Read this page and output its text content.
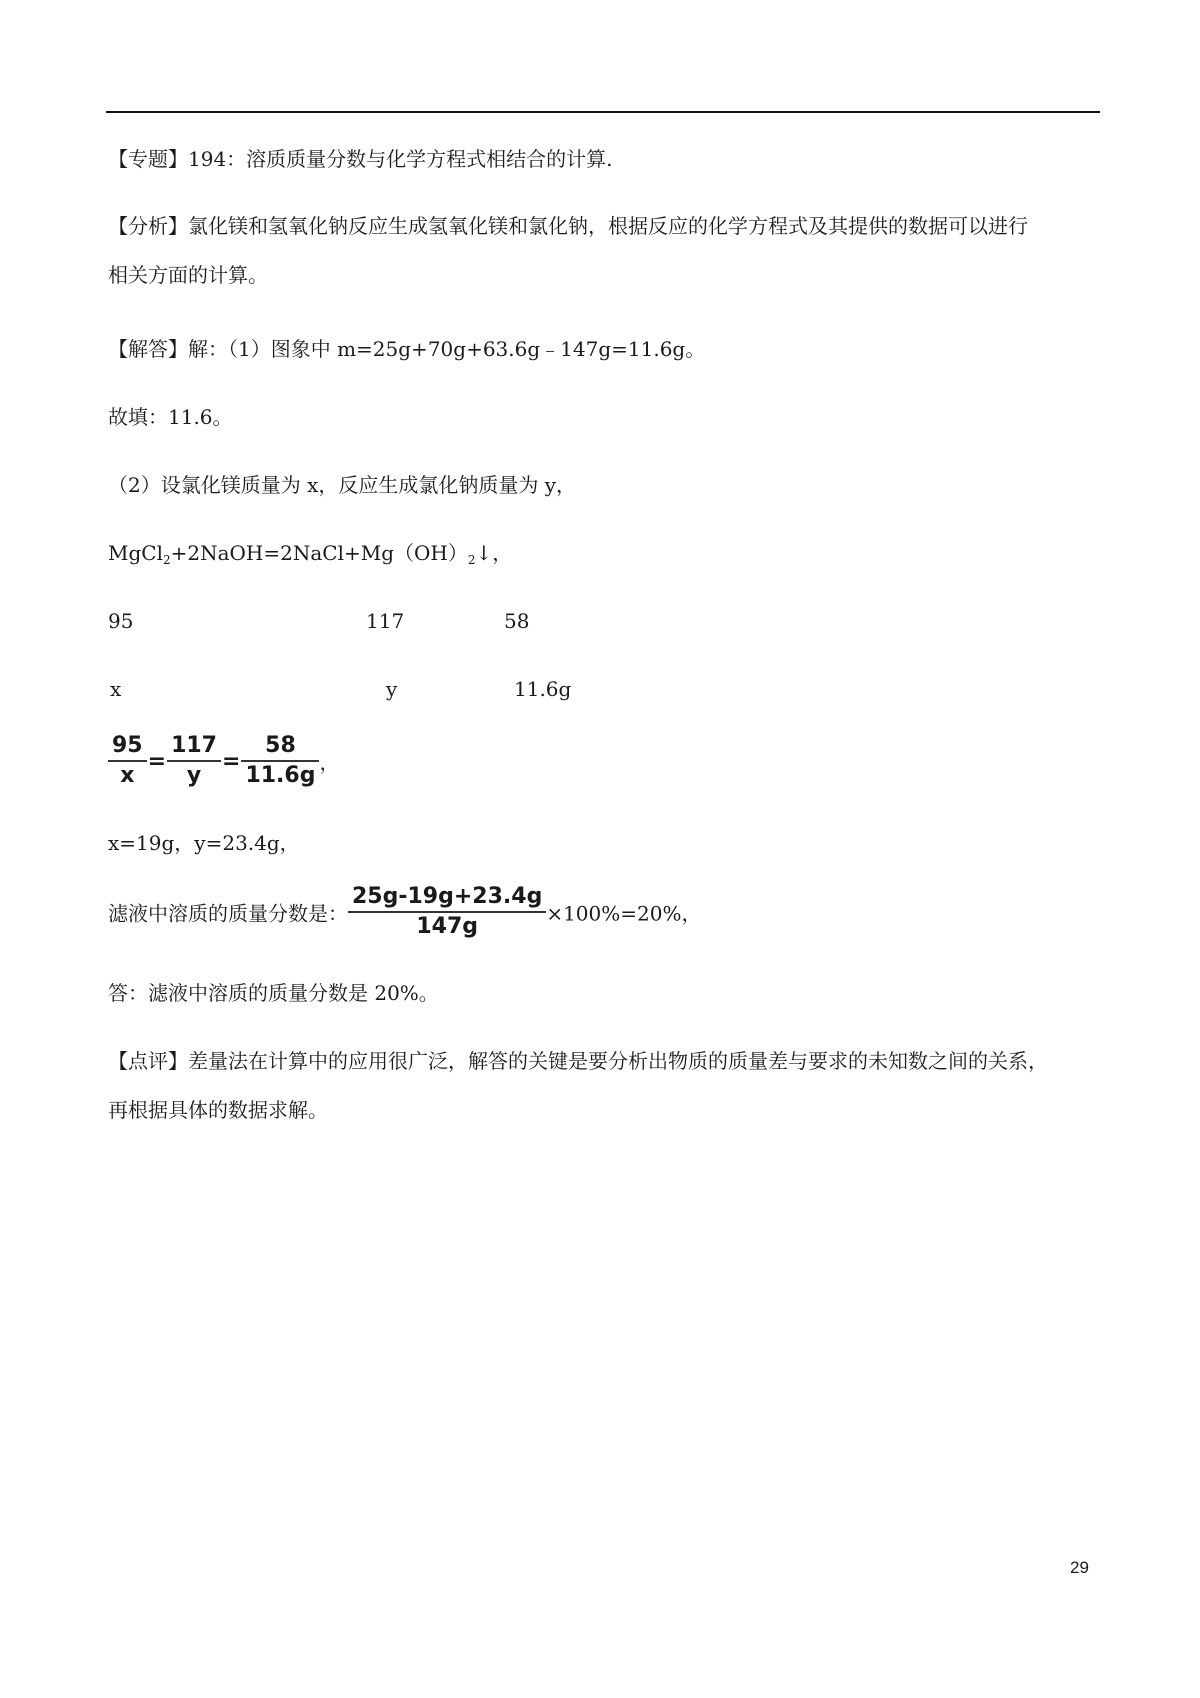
【专题】194：溶质质量分数与化学方程式相结合的计算.
【分析】氯化镁和氢氧化钠反应生成氢氧化镁和氯化钠，根据反应的化学方程式及其提供的数据可以进行
相关方面的计算。
【解答】解：（1）图象中 m=25g+70g+63.6g﹣147g=11.6g。
故填：11.6。
（2）设氯化镁质量为 x，反应生成氯化钠质量为 y，
$MgCl_2+2NaOH=2NaCl+Mg(OH)_2↓$，
95	117	58
x	y	11.6g
$\frac{95}{x} = \frac{117}{y} = \frac{58}{11.6g}$ ，
x=19g，y=23.4g，
滤液中溶质的质量分数是： $\frac{25g-19g+23.4g}{147g} \times 100\%=20\%$，
答：滤液中溶质的质量分数是 20%。
【点评】差量法在计算中的应用很广泛，解答的关键是要分析出物质的质量差与要求的未知数之间的关系，
再根据具体的数据求解。
29
